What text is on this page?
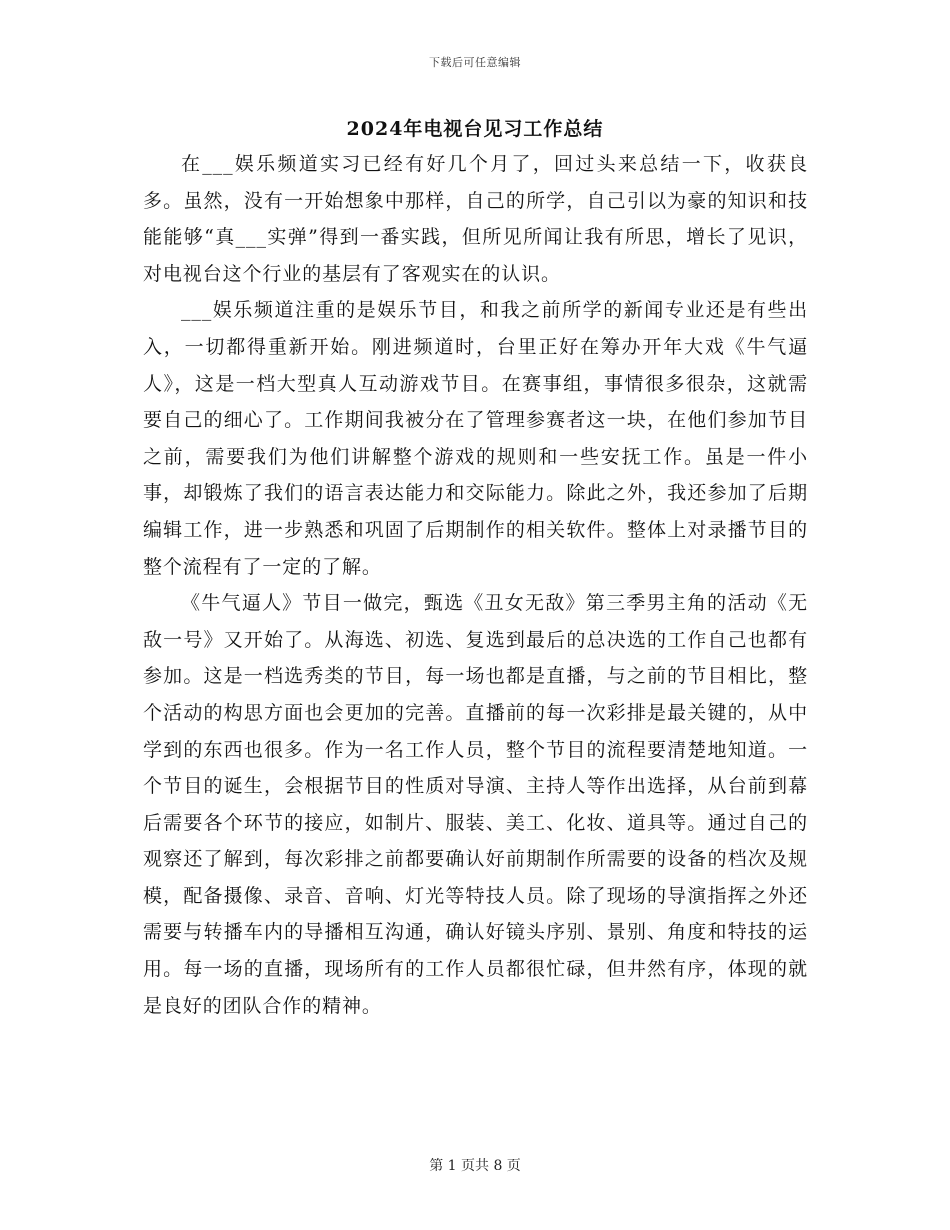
下载后可任意编辑
2024年电视台见习工作总结

在___娱乐频道实习已经有好几个月了，回过头来总结一下，收获良多。虽然，没有一开始想象中那样，自己的所学，自己引以为豪的知识和技能能够“真___实弹”得到一番实践，但所见所闻让我有所思，增长了见识，对电视台这个行业的基层有了客观实在的认识。

___娱乐频道注重的是娱乐节目，和我之前所学的新闻专业还是有些出入，一切都得重新开始。刚进频道时，台里正好在筹办开年大戏《牛气逼人》，这是一档大型真人互动游戏节目。在赛事组，事情很多很杂，这就需要自己的细心了。工作期间我被分在了管理参赛者这一块，在他们参加节目之前，需要我们为他们讲解整个游戏的规则和一些安抚工作。虽是一件小事，却锻炼了我们的语言表达能力和交际能力。除此之外，我还参加了后期编辑工作，进一步熟悉和巩固了后期制作的相关软件。整体上对录播节目的整个流程有了一定的了解。

《牛气逼人》节目一做完，甄选《丑女无敌》第三季男主角的活动《无敌一号》又开始了。从海选、初选、复选到最后的总决选的工作自己也都有参加。这是一档选秀类的节目，每一场也都是直播，与之前的节目相比，整个活动的构思方面也会更加的完善。直播前的每一次彩排是最关键的，从中学到的东西也很多。作为一名工作人员，整个节目的流程要清楚地知道。一个节目的诞生，会根据节目的性质对导演、主持人等作出选择，从台前到幕后需要各个环节的接应，如制片、服装、美工、化妆、道具等。通过自己的观察还了解到，每次彩排之前都要确认好前期制作所需要的设备的档次及规模，配备摄像、录音、音响、灯光等特技人员。除了现场的导演指挥之外还需要与转播车内的导播相互沟通，确认好镜头序别、景别、角度和特技的运用。每一场的直播，现场所有的工作人员都很忙碌，但井然有序，体现的就是良好的团队合作的精神。

第 1 页共 8 页
